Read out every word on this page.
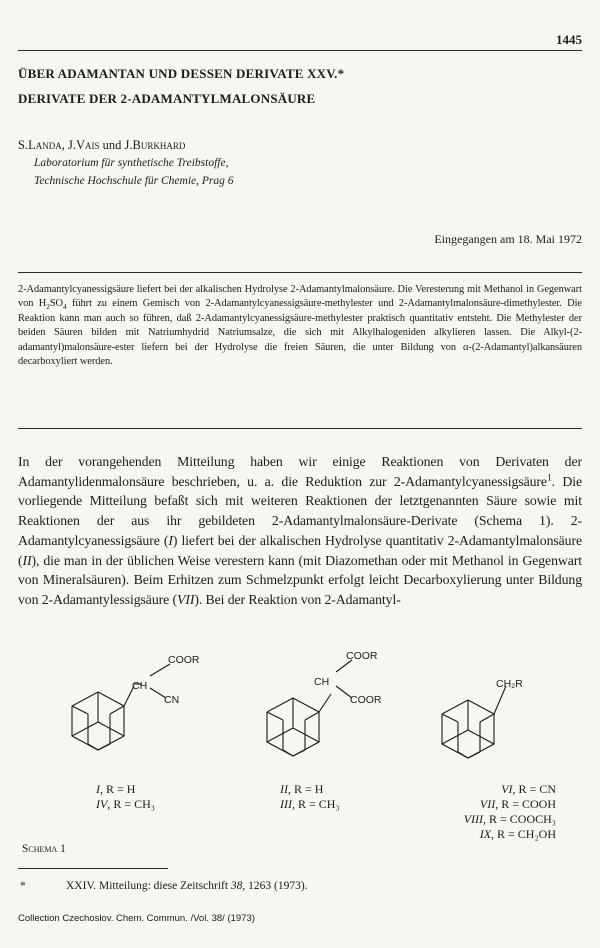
1445
ÜBER ADAMANTAN UND DESSEN DERIVATE XXV.*
DERIVATE DER 2-ADAMANTYLMALONSÄURE
S.Landa, J.Vais und J.Burkhard
Laboratorium für synthetische Treibstoffe,
Technische Hochschule für Chemie, Prag 6
Eingegangen am 18. Mai 1972

2-Adamantylcyanessigsäure liefert bei der alkalischen Hydrolyse 2-Adamantylmalonsäure. Die Veresterung mit Methanol in Gegenwart von $H_2SO_4$ führt zu einem Gemisch von 2-Adamantylcyanessigsäure-methylester und 2-Adamantylmalonsäure-dimethylester. Die Reaktion kann man auch so führen, daß 2-Adamantylcyanessigsäure-methylester praktisch quantitativ entsteht. Die Methylester der beiden Säuren bilden mit Natriumhydrid Natriumsalze, die sich mit Alkylhalogeniden alkylieren lassen. Die Alkyl-(2-adamantyl)malonsäure-ester liefern bei der Hydrolyse die freien Säuren, die unter Bildung von α-(2-Adamantyl)alkansäuren decarboxyliert werden.

In der vorangehenden Mitteilung haben wir einige Reaktionen von Derivaten der Adamantylidenmalonsäure beschrieben, u. a. die Reduktion zur 2-Adamantylcyanessigsäure$^1$. Die vorliegende Mitteilung befaßt sich mit weiteren Reaktionen der letztgenannten Säure sowie mit Reaktionen der aus ihr gebildeten 2-Adamantylmalonsäure-Derivate (Schema 1). 2-Adamantylcyanessigsäure (I) liefert bei der alkalischen Hydrolyse quantitativ 2-Adamantylmalonsäure (II), die man in der üblichen Weise verestern kann (mit Diazomethan oder mit Methanol in Gegenwart von Mineralsäuren). Beim Erhitzen zum Schmelzpunkt erfolgt leicht Decarboxylierung unter Bildung von 2-Adamantylessigsäure (VII). Bei der Reaktion von 2-Adamantyl-

CH
COOR
CN
CH
COOR
COOR
CH₂R
I, R = H
IV, R = CH₃
II, R = H
III, R = CH₃
VI, R = CN
VII, R = COOH
VIII, R = COOCH₃
IX, R = CH₂OH
Schema 1
*	XXIV. Mitteilung: diese Zeitschrift 38, 1263 (1973).
Collection Czechoslov. Chem. Commun. /Vol. 38/ (1973)
